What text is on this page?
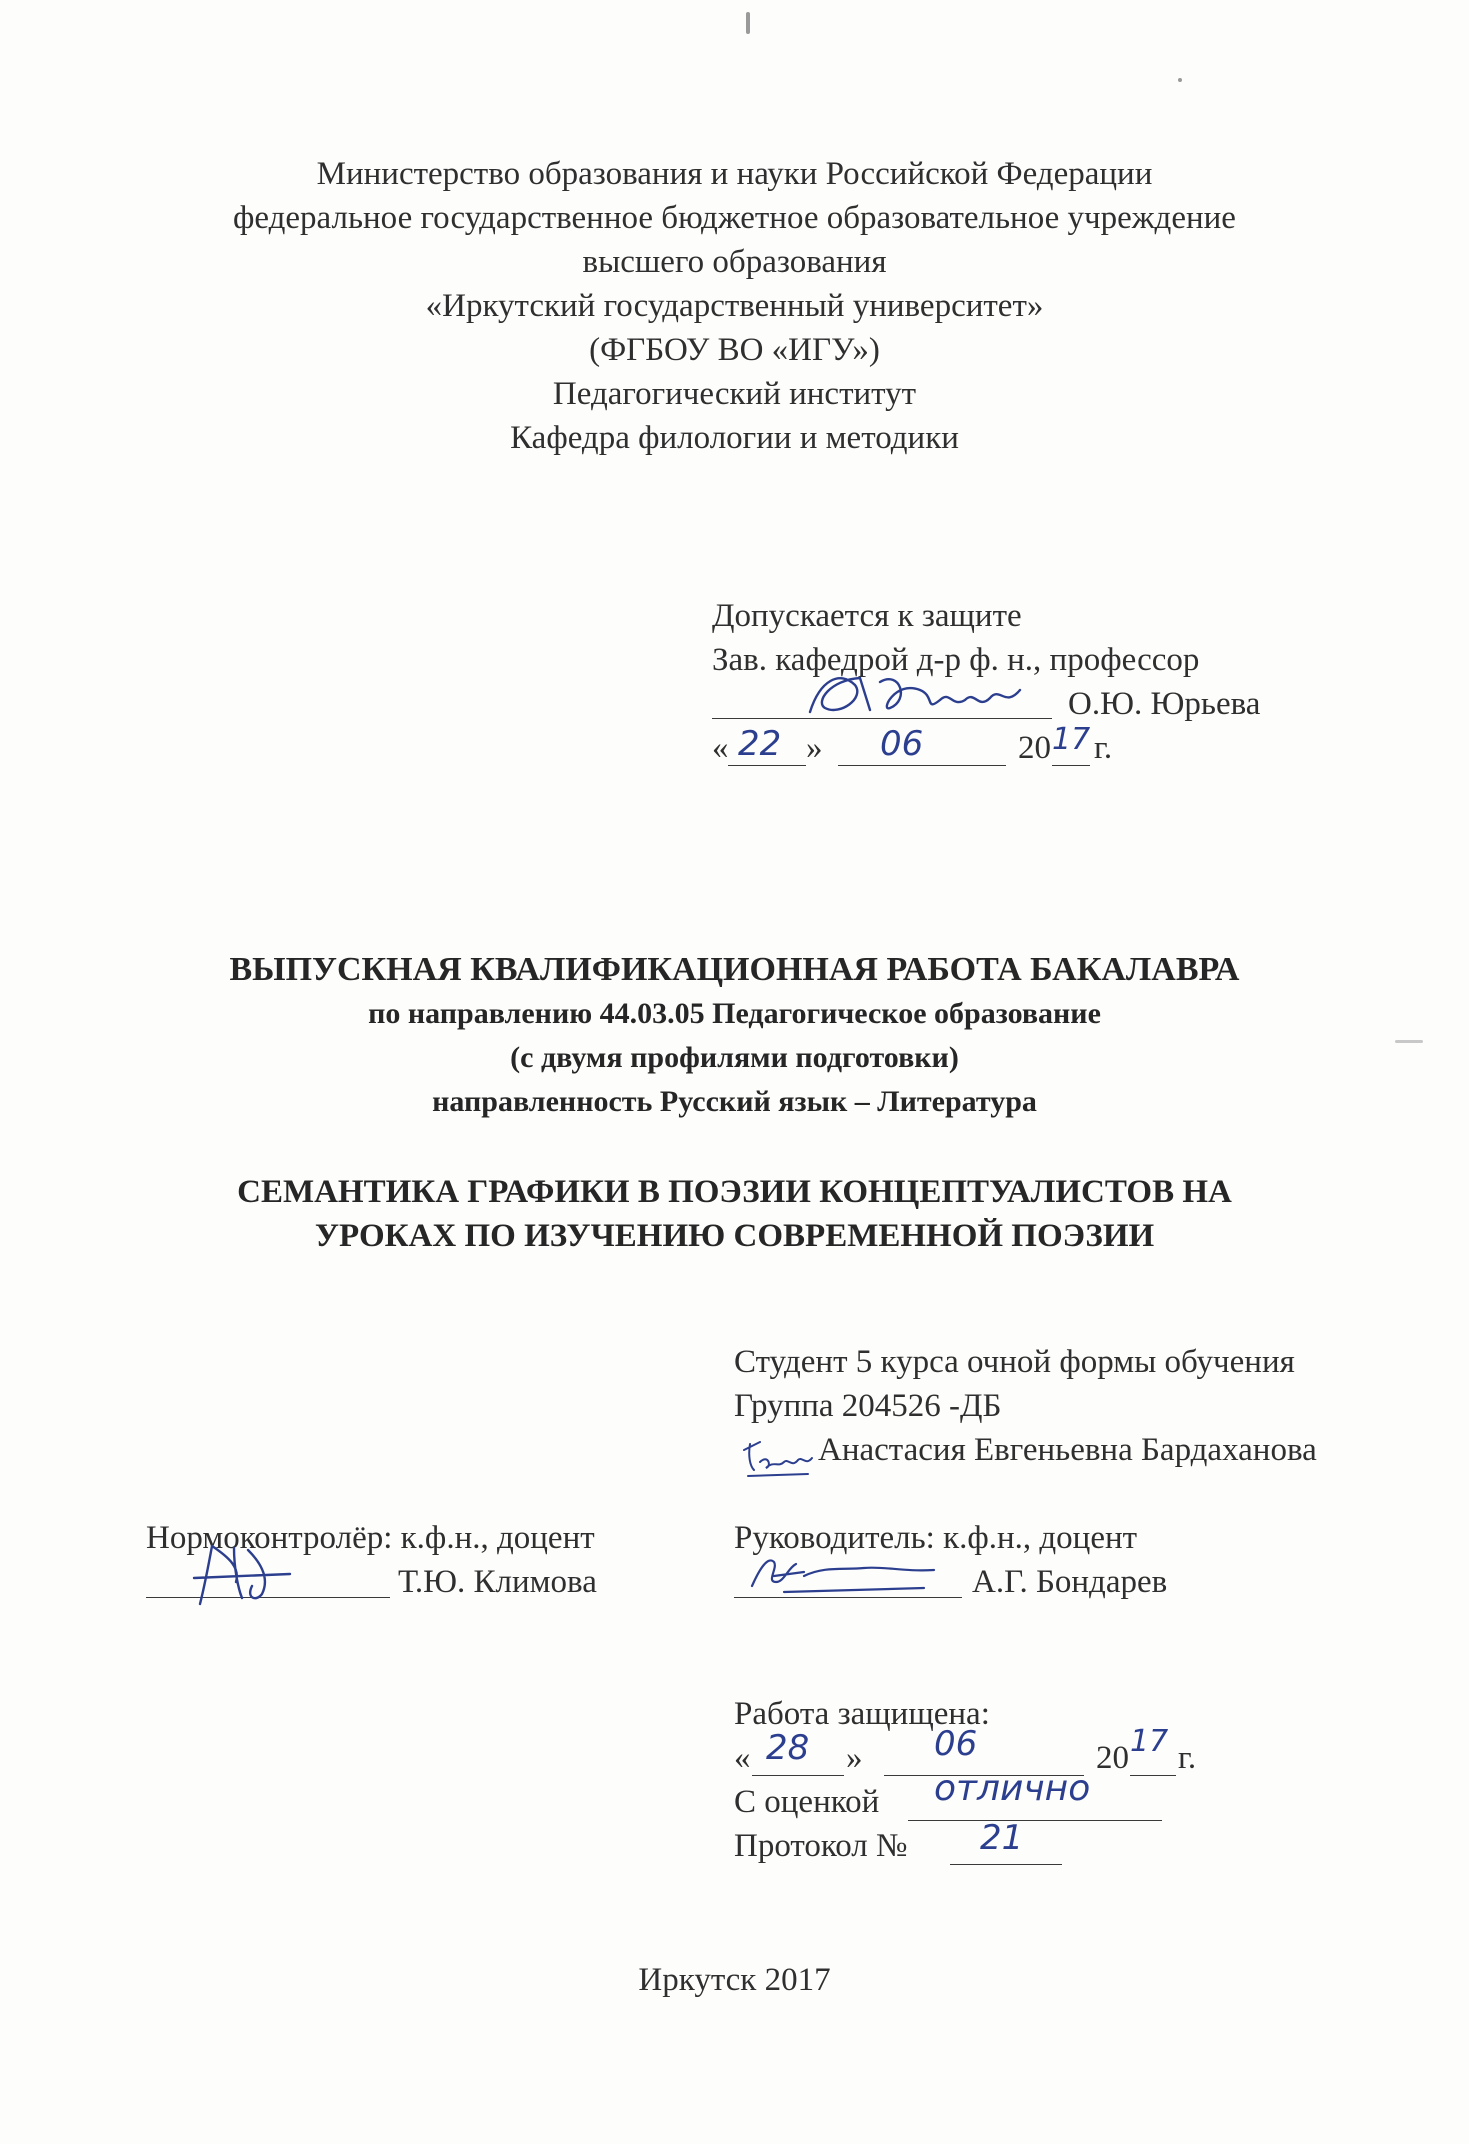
Министерство образования и науки Российской Федерации
федеральное государственное бюджетное образовательное учреждение
высшего образования
«Иркутский государственный университет»
(ФГБОУ ВО «ИГУ»)
Педагогический институт
Кафедра филологии и методики
Допускается к защите
Зав. кафедрой д-р ф. н., профессор
О.Ю. Юрьева
« 22 » 06	20 17 г.
ВЫПУСКНАЯ КВАЛИФИКАЦИОННАЯ РАБОТА БАКАЛАВРА
по направлению 44.03.05 Педагогическое образование
(с двумя профилями подготовки)
направленность Русский язык – Литература
СЕМАНТИКА ГРАФИКИ В ПОЭЗИИ КОНЦЕПТУАЛИСТОВ НА
УРОКАХ ПО ИЗУЧЕНИЮ СОВРЕМЕННОЙ ПОЭЗИИ
Студент 5 курса очной формы обучения
Группа 204526 -ДБ
Анастасия Евгеньевна Бардаханова
Нормоконтролёр: к.ф.н., доцент
Т.Ю. Климова
Руководитель: к.ф.н., доцент
А.Г. Бондарев
Работа защищена:
« 28 » 06	20 17 г.
С оценкой отлично
Протокол № 21
Иркутск 2017
